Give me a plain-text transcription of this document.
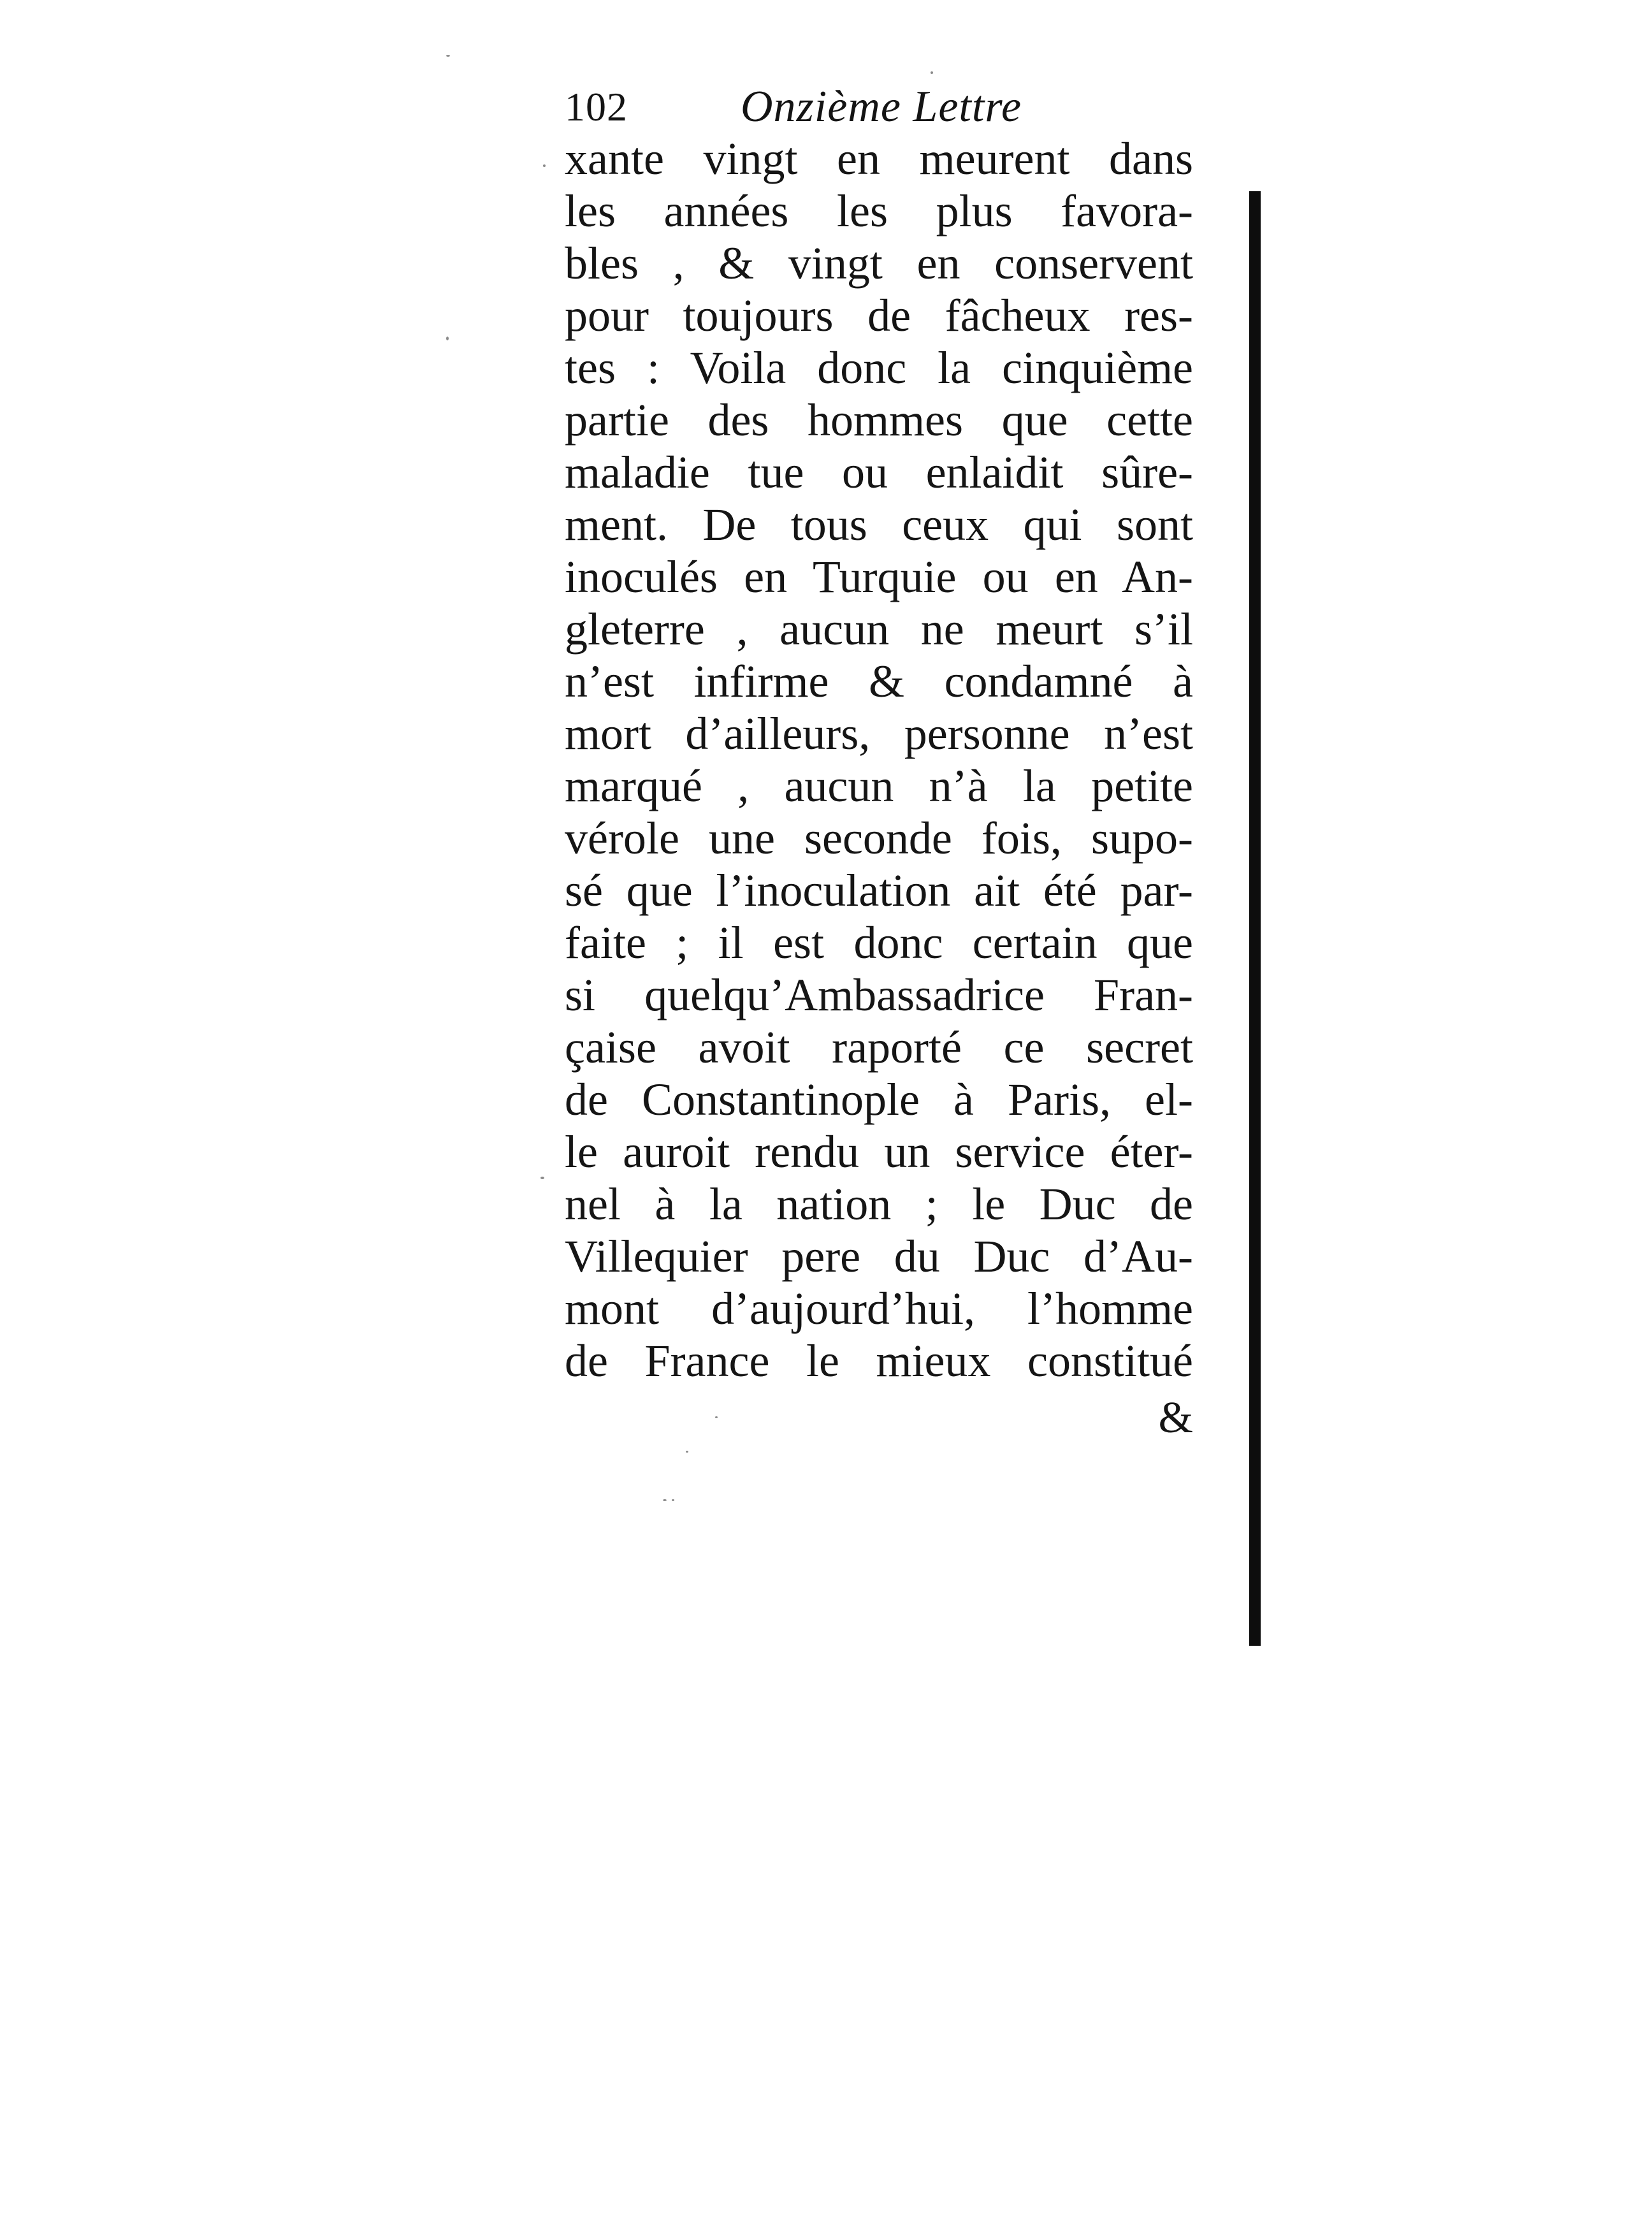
102	Onzième Lettre
xante vingt en meurent dans
les années les plus favora-
bles , & vingt en conservent
pour toujours de fâcheux res-
tes : Voila donc la cinquième
partie des hommes que cette
maladie tue ou enlaidit sûre-
ment. De tous ceux qui sont
inoculés en Turquie ou en An-
gleterre , aucun ne meurt s’il
n’est infirme & condamné à
mort d’ailleurs, personne n’est
marqué , aucun n’à la petite
vérole une seconde fois, supo-
sé que l’inoculation ait été par-
faite ; il est donc certain que
si quelqu’Ambassadrice Fran-
çaise avoit raporté ce secret
de Constantinople à Paris, el-
le auroit rendu un service éter-
nel à la nation ; le Duc de
Villequier pere du Duc d’Au-
mont d’aujourd’hui, l’homme
de France le mieux constitué
&
